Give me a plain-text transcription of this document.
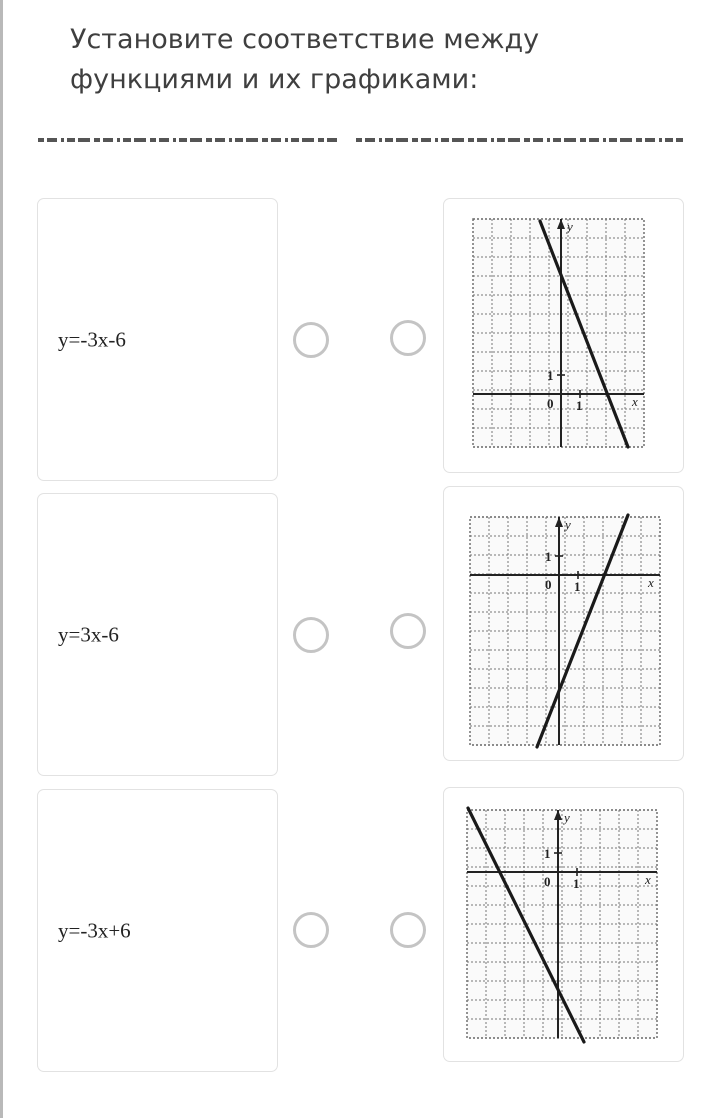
Установите соответствие между
функциями и их графиками:
y=-3x-6
y=3x-6
y=-3x+6
y
x
0 1
1
y
x
0 1
1
y
x
0 1
1
